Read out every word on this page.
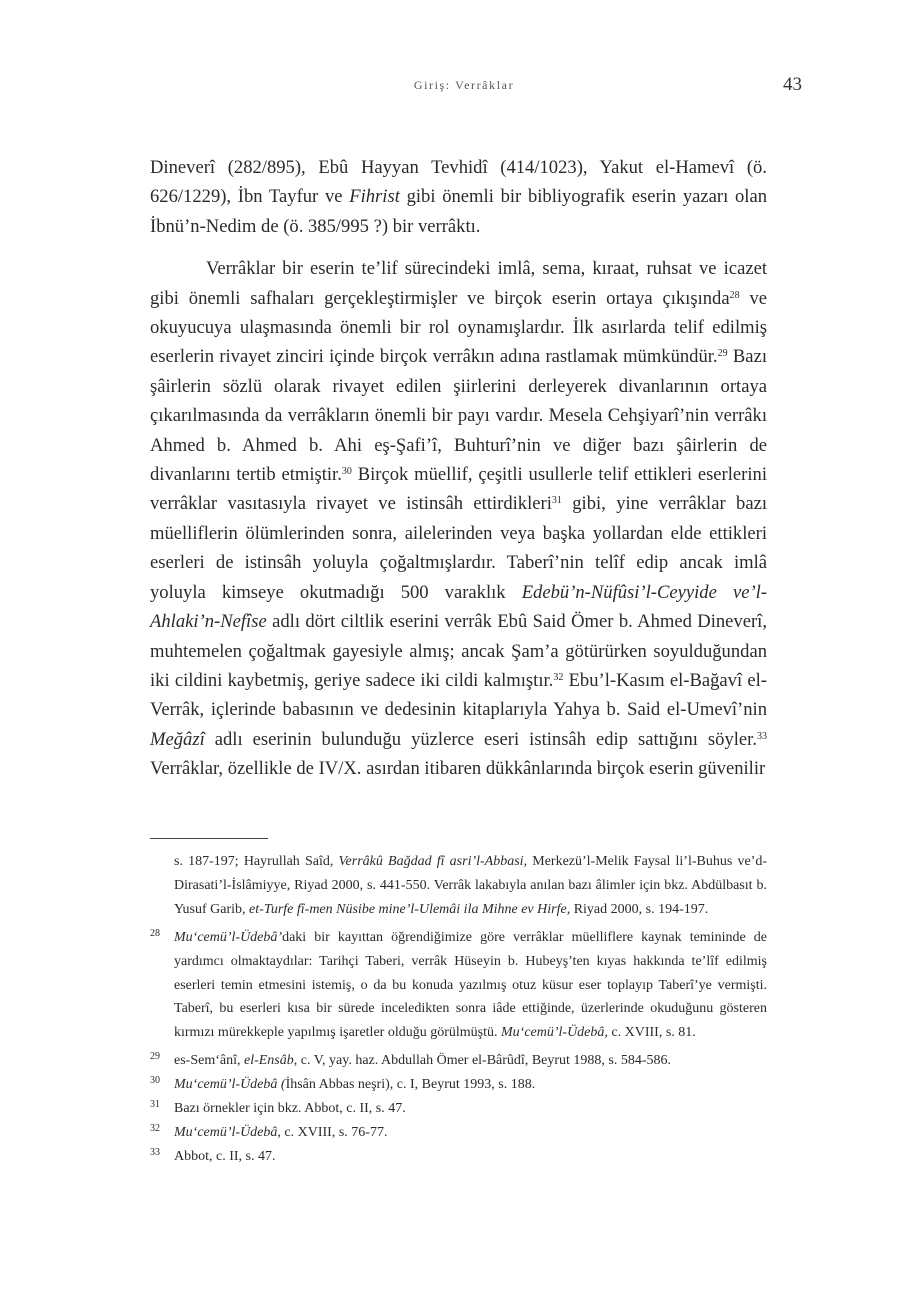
Giriş: Verrâklar	43

Dineverî (282/895), Ebû Hayyan Tevhidî (414/1023), Yakut el-Hamevî (ö. 626/1229), İbn Tayfur ve Fihrist gibi önemli bir bibliyografik eserin yazarı olan İbnü’n-Nedim de (ö. 385/995 ?) bir verrâktı.

Verrâklar bir eserin te’lif sürecindeki imlâ, sema, kıraat, ruhsat ve icazet gibi önemli safhaları gerçekleştirmişler ve birçok eserin ortaya çıkışında$^{28}$ ve okuyucuya ulaşmasında önemli bir rol oynamışlardır. İlk asırlarda telif edilmiş eserlerin rivayet zinciri içinde birçok verrâkın adına rastlamak mümkündür.$^{29}$ Bazı şâirlerin sözlü olarak rivayet edilen şiirlerini derleyerek divanlarının ortaya çıkarılmasında da verrâkların önemli bir payı vardır. Mesela Cehşiyarî’nin verrâkı Ahmed b. Ahmed b. Ahi eş-Şafi’î, Buhturî’nin ve diğer bazı şâirlerin de divanlarını tertib etmiştir.$^{30}$ Birçok müellif, çeşitli usullerle telif ettikleri eserlerini verrâklar vasıtasıyla rivayet ve istinsâh ettirdikleri$^{31}$ gibi, yine verrâklar bazı müelliflerin ölümlerinden sonra, ailelerinden veya başka yollardan elde ettikleri eserleri de istinsâh yoluyla çoğaltmışlardır. Taberî’nin telîf edip ancak imlâ yoluyla kimseye okutmadığı 500 varaklık Edebü’n-Nüfûsi’l-Ceyyide ve’l-Ahlaki’n-Nefîse adlı dört ciltlik eserini verrâk Ebû Said Ömer b. Ahmed Dineverî, muhtemelen çoğaltmak gayesiyle almış; ancak Şam’a götürürken soyulduğundan iki cildini kaybetmiş, geriye sadece iki cildi kalmıştır.$^{32}$ Ebu’l-Kasım el-Bağavî el-Verrâk, içlerinde babasının ve dedesinin kitaplarıyla Yahya b. Said el-Umevî’nin Meğâzî adlı eserinin bulunduğu yüzlerce eseri istinsâh edip sattığını söyler.$^{33}$ Verrâklar, özellikle de IV/X. asırdan itibaren dükkânlarında birçok eserin güvenilir

s. 187-197; Hayrullah Saîd, Verrâkû Bağdad fî asri’l-Abbasi, Merkezü’l-Melik Faysal li’l-Buhus ve’d-Dirasati’l-İslâmiyye, Riyad 2000, s. 441-550. Verrâk lakabıyla anılan bazı âlimler için bkz. Abdülbasıt b. Yusuf Garib, et-Turfe fî-men Nüsibe mine’l-Ulemâi ila Mihne ev Hirfe, Riyad 2000, s. 194-197.
28 Mu‘cemü’l-Üdebâ’daki bir kayıttan öğrendiğimize göre verrâklar müelliflere kaynak temininde de yardımcı olmaktaydılar: Tarihçi Taberi, verrâk Hüseyin b. Hubeyş’ten kıyas hakkında te’lîf edilmiş eserleri temin etmesini istemiş, o da bu konuda yazılmış otuz küsur eser toplayıp Taberî’ye vermişti. Taberî, bu eserleri kısa bir sürede inceledikten sonra iâde ettiğinde, üzerlerinde okuduğunu gösteren kırmızı mürekkeple yapılmış işaretler olduğu görülmüştü. Mu‘cemü’l-Üdebâ, c. XVIII, s. 81.
29 es-Sem‘ânî, el-Ensâb, c. V, yay. haz. Abdullah Ömer el-Bârûdî, Beyrut 1988, s. 584-586.
30 Mu‘cemü’l-Üdebâ (İhsân Abbas neşri), c. I, Beyrut 1993, s. 188.
31 Bazı örnekler için bkz. Abbot, c. II, s. 47.
32 Mu‘cemü’l-Üdebâ, c. XVIII, s. 76-77.
33 Abbot, c. II, s. 47.
